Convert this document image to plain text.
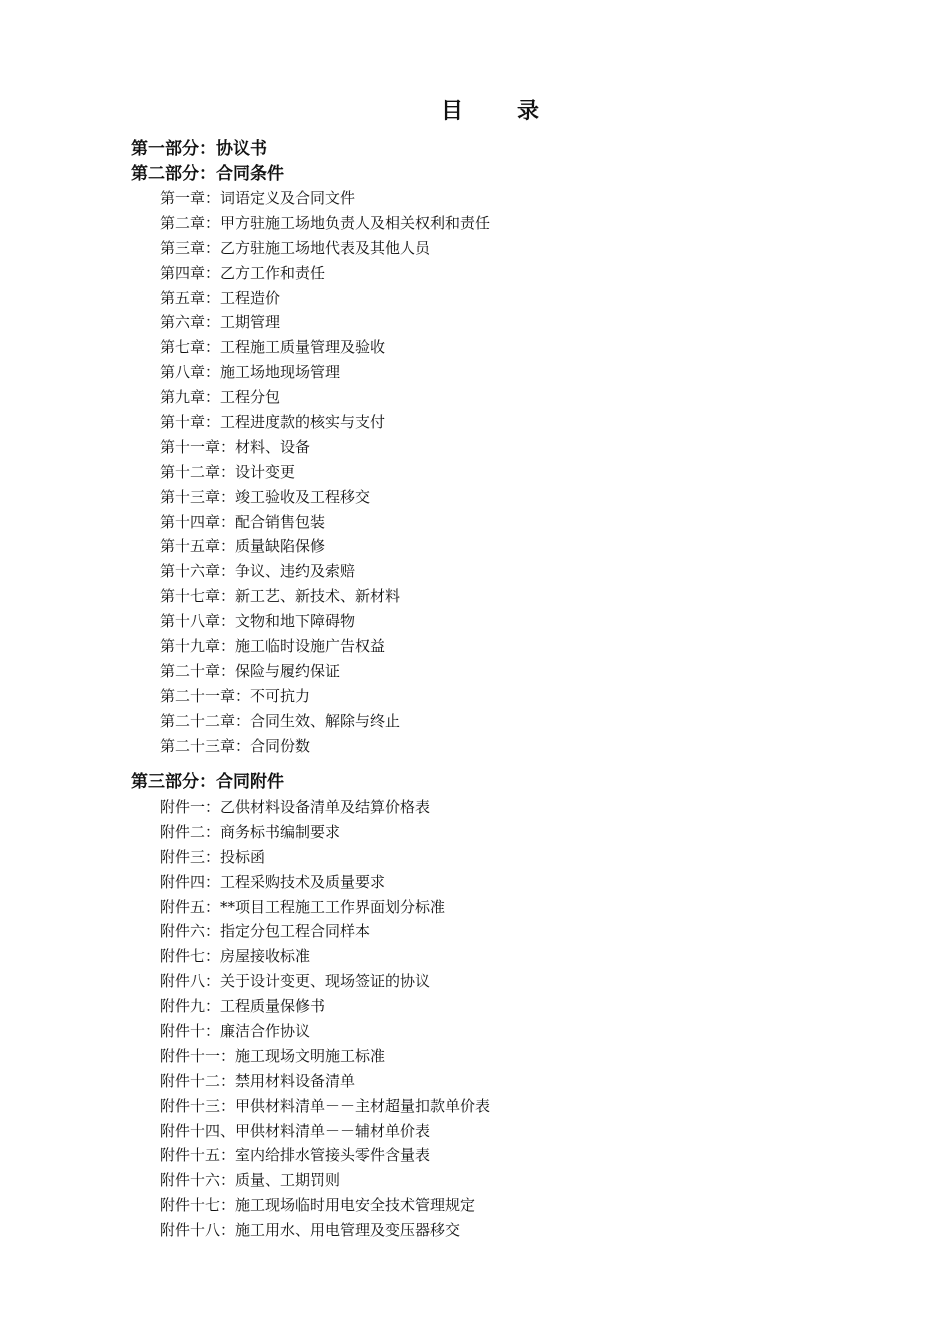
目　录
第一部分：协议书
第二部分：合同条件
第一章：词语定义及合同文件
第二章：甲方驻施工场地负责人及相关权利和责任
第三章：乙方驻施工场地代表及其他人员
第四章：乙方工作和责任
第五章：工程造价
第六章：工期管理
第七章：工程施工质量管理及验收
第八章：施工场地现场管理
第九章：工程分包
第十章：工程进度款的核实与支付
第十一章：材料、设备
第十二章：设计变更
第十三章：竣工验收及工程移交
第十四章：配合销售包装
第十五章：质量缺陷保修
第十六章：争议、违约及索赔
第十七章：新工艺、新技术、新材料
第十八章：文物和地下障碍物
第十九章：施工临时设施广告权益
第二十章：保险与履约保证
第二十一章：不可抗力
第二十二章：合同生效、解除与终止
第二十三章：合同份数
第三部分：合同附件
附件一：乙供材料设备清单及结算价格表
附件二：商务标书编制要求
附件三：投标函
附件四：工程采购技术及质量要求
附件五：**项目工程施工工作界面划分标准
附件六：指定分包工程合同样本
附件七：房屋接收标准
附件八：关于设计变更、现场签证的协议
附件九：工程质量保修书
附件十：廉洁合作协议
附件十一：施工现场文明施工标准
附件十二：禁用材料设备清单
附件十三：甲供材料清单－－主材超量扣款单价表
附件十四、甲供材料清单－－辅材单价表
附件十五：室内给排水管接头零件含量表
附件十六：质量、工期罚则
附件十七：施工现场临时用电安全技术管理规定
附件十八：施工用水、用电管理及变压器移交
